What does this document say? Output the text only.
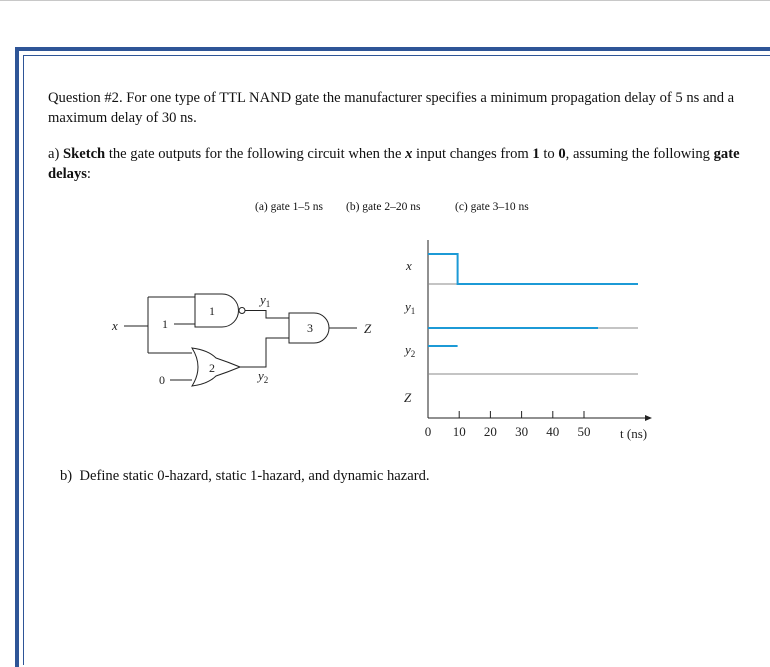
Question #2. For one type of TTL NAND gate the manufacturer specifies a minimum propagation delay of 5 ns and a maximum delay of 30 ns.

a) Sketch the gate outputs for the following circuit when the x input changes from 1 to 0, assuming the following gate delays:

(a) gate 1–5 ns (b) gate 2–20 ns	(c) gate 3–10 ns
x	1
0
1
2
3
$y_1$
$y_2$
Z
x
$y_1$
$y_2$
Z
0 10 20 30 40 50 t (ns)

b) Define static 0-hazard, static 1-hazard, and dynamic hazard.
